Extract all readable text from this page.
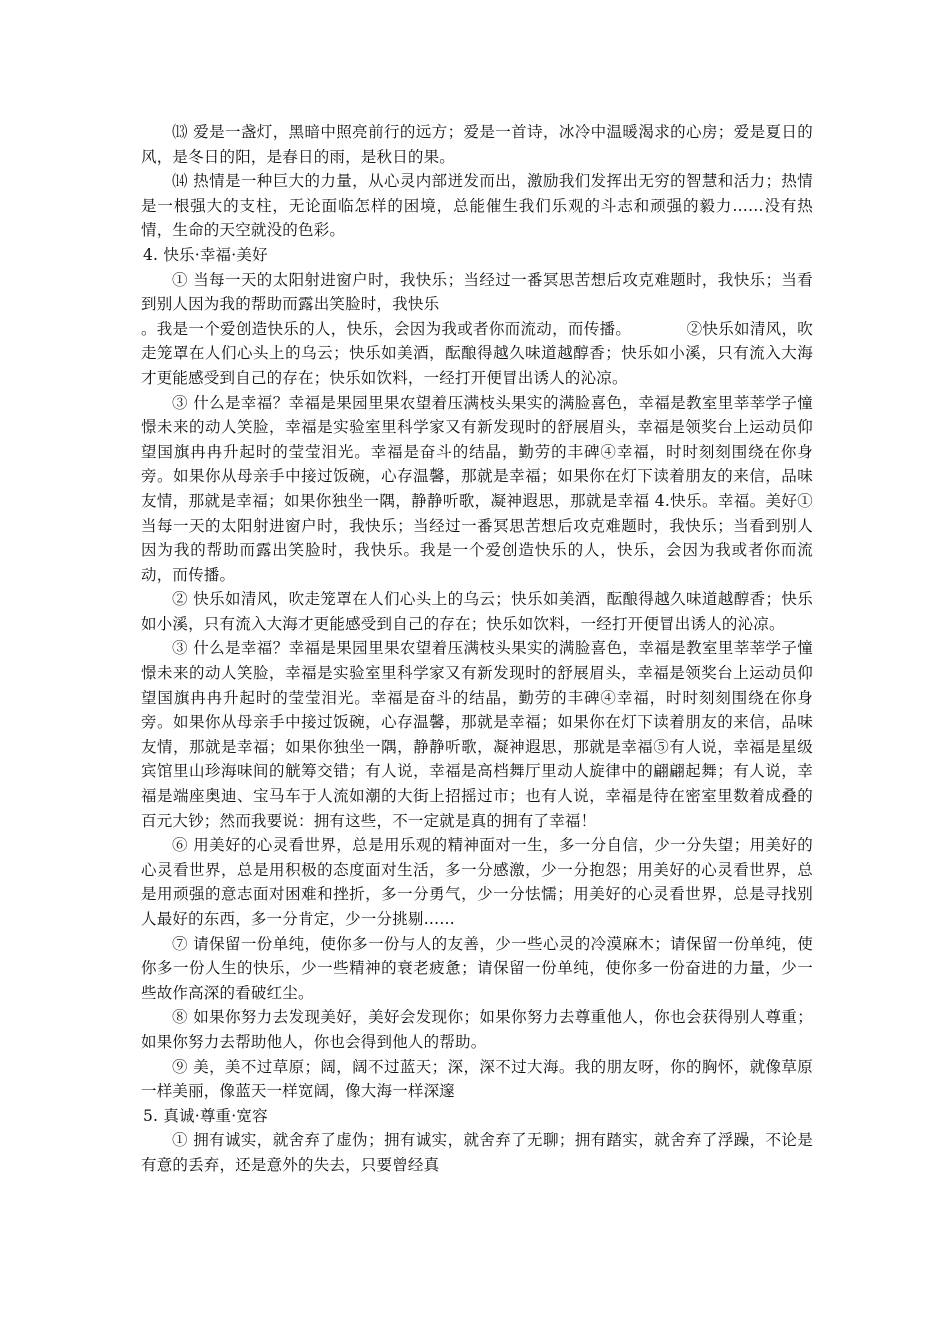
⒀ 爱是一盏灯，黑暗中照亮前行的远方；爱是一首诗，冰冷中温暖渴求的心房；爱是夏日的风，是冬日的阳，是春日的雨，是秋日的果。

⒁ 热情是一种巨大的力量，从心灵内部迸发而出，激励我们发挥出无穷的智慧和活力；热情是一根强大的支柱，无论面临怎样的困境，总能催生我们乐观的斗志和顽强的毅力……没有热情，生命的天空就没的色彩。

4. 快乐·幸福·美好

① 当每一天的太阳射进窗户时，我快乐；当经过一番冥思苦想后攻克难题时，我快乐；当看到别人因为我的帮助而露出笑脸时，我快乐

。我是一个爱创造快乐的人，快乐，会因为我或者你而流动，而传播。　　　　②快乐如清风，吹走笼罩在人们心头上的乌云；快乐如美酒，酝酿得越久味道越醇香；快乐如小溪，只有流入大海才更能感受到自己的存在；快乐如饮料，一经打开便冒出诱人的沁凉。

③ 什么是幸福？幸福是果园里果农望着压满枝头果实的满脸喜色，幸福是教室里莘莘学子憧憬未来的动人笑脸，幸福是实验室里科学家又有新发现时的舒展眉头，幸福是领奖台上运动员仰望国旗冉冉升起时的莹莹泪光。幸福是奋斗的结晶，勤劳的丰碑④幸福，时时刻刻围绕在你身旁。如果你从母亲手中接过饭碗，心存温馨，那就是幸福；如果你在灯下读着朋友的来信，品味友情，那就是幸福；如果你独坐一隅，静静听歌，凝神遐思，那就是幸福 4.快乐。幸福。美好①当每一天的太阳射进窗户时，我快乐；当经过一番冥思苦想后攻克难题时，我快乐；当看到别人因为我的帮助而露出笑脸时，我快乐。我是一个爱创造快乐的人，快乐，会因为我或者你而流动，而传播。

② 快乐如清风，吹走笼罩在人们心头上的乌云；快乐如美酒，酝酿得越久味道越醇香；快乐如小溪，只有流入大海才更能感受到自己的存在；快乐如饮料，一经打开便冒出诱人的沁凉。

③ 什么是幸福？幸福是果园里果农望着压满枝头果实的满脸喜色，幸福是教室里莘莘学子憧憬未来的动人笑脸，幸福是实验室里科学家又有新发现时的舒展眉头，幸福是领奖台上运动员仰望国旗冉冉升起时的莹莹泪光。幸福是奋斗的结晶，勤劳的丰碑④幸福，时时刻刻围绕在你身旁。如果你从母亲手中接过饭碗，心存温馨，那就是幸福；如果你在灯下读着朋友的来信，品味友情，那就是幸福；如果你独坐一隅，静静听歌，凝神遐思，那就是幸福⑤有人说，幸福是星级宾馆里山珍海味间的觥筹交错；有人说，幸福是高档舞厅里动人旋律中的翩翩起舞；有人说，幸福是端座奥迪、宝马车于人流如潮的大街上招摇过市；也有人说，幸福是待在密室里数着成叠的百元大钞；然而我要说：拥有这些，不一定就是真的拥有了幸福！

⑥ 用美好的心灵看世界，总是用乐观的精神面对一生，多一分自信，少一分失望；用美好的心灵看世界，总是用积极的态度面对生活，多一分感激，少一分抱怨；用美好的心灵看世界，总是用顽强的意志面对困难和挫折，多一分勇气，少一分怯懦；用美好的心灵看世界，总是寻找别人最好的东西，多一分肯定，少一分挑剔……

⑦ 请保留一份单纯，使你多一份与人的友善，少一些心灵的冷漠麻木；请保留一份单纯，使你多一份人生的快乐，少一些精神的衰老疲惫；请保留一份单纯，使你多一份奋进的力量，少一些故作高深的看破红尘。

⑧ 如果你努力去发现美好，美好会发现你；如果你努力去尊重他人，你也会获得别人尊重；如果你努力去帮助他人，你也会得到他人的帮助。

⑨ 美，美不过草原；阔，阔不过蓝天；深，深不过大海。我的朋友呀，你的胸怀，就像草原一样美丽，像蓝天一样宽阔，像大海一样深邃

5. 真诚·尊重·宽容

① 拥有诚实，就舍弃了虚伪；拥有诚实，就舍弃了无聊；拥有踏实，就舍弃了浮躁，不论是有意的丢弃，还是意外的失去，只要曾经真
